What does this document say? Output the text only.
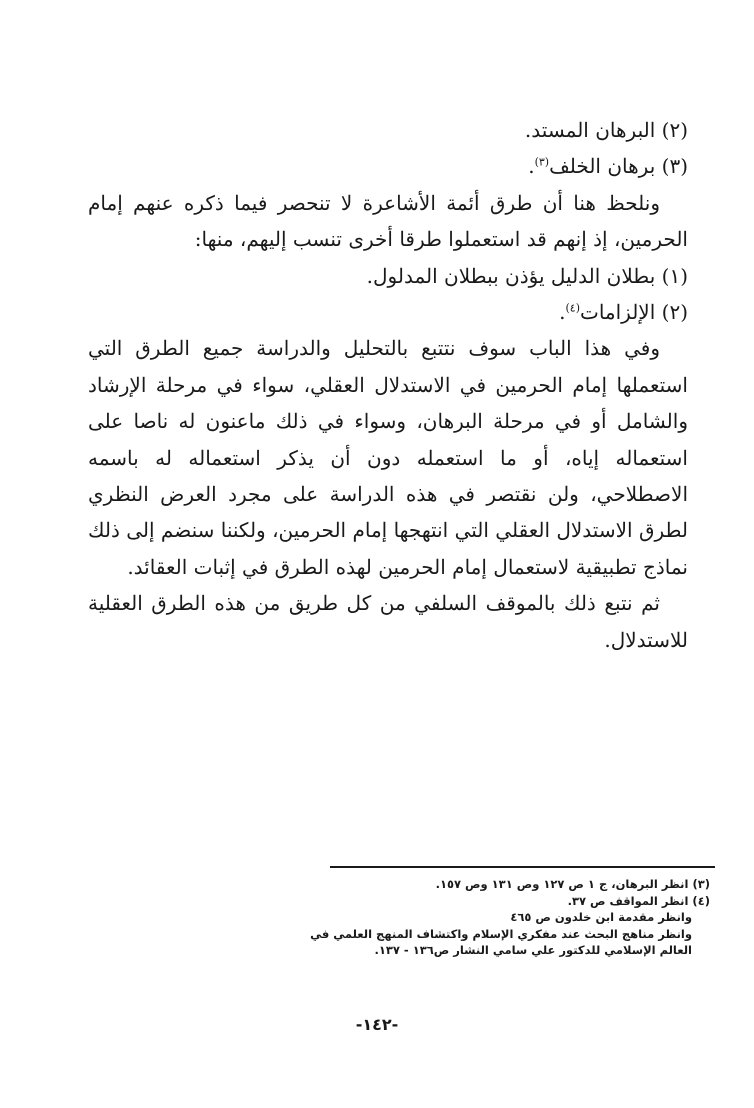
(٢) البرهان المستد.

(٣) برهان الخلف$^{(٣)}$.

ونلحظ هنا أن طرق أئمة الأشاعرة لا تنحصر فيما ذكره عنهم إمام الحرمين، إذ إنهم قد استعملوا طرقا أخرى تنسب إليهم، منها:

(١) بطلان الدليل يؤذن ببطلان المدلول.

(٢) الإلزامات$^{(٤)}$.

وفي هذا الباب سوف نتتبع بالتحليل والدراسة جميع الطرق التي استعملها إمام الحرمين في الاستدلال العقلي، سواء في مرحلة الإرشاد والشامل أو في مرحلة البرهان، وسواء في ذلك ماعنون له ناصا على استعماله إياه، أو ما استعمله دون أن يذكر استعماله له باسمه الاصطلاحي، ولن نقتصر في هذه الدراسة على مجرد العرض النظري لطرق الاستدلال العقلي التي انتهجها إمام الحرمين، ولكننا سنضم إلى ذلك نماذج تطبيقية لاستعمال إمام الحرمين لهذه الطرق في إثبات العقائد.

ثم نتبع ذلك بالموقف السلفي من كل طريق من هذه الطرق العقلية للاستدلال.

(٣) انظر البرهان، ج ١ ص ١٢٧ وص ١٣١ وص ١٥٧.

(٤) انظر المواقف ص ٣٧.

وانظر مقدمة ابن خلدون ص ٤٦٥

وانظر مناهج البحث عند مفكري الإسلام واكتشاف المنهج العلمي في العالم الإسلامي للدكتور علي سامي النشار ص١٣٦ - ١٣٧.

-١٤٢-
